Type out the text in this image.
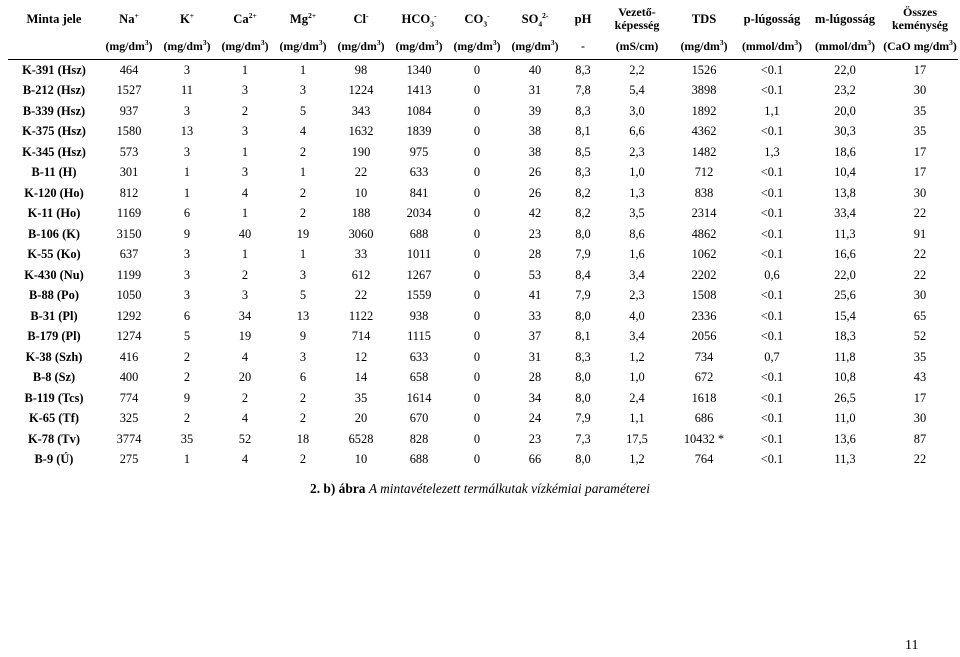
Minta jele	Na+	K+	$Ca^{2+}$	$Mg^{2+}$	Cl-	$HCO_3^-$	$CO_3^-$	$SO_4^{2-}$	pH	Vezető-
képesség	TDS	p-lúgosság	m-lúgosság	Összes
keménység
	$(mg/dm^3)$	$(mg/dm^3)$	$(mg/dm^3)$	$(mg/dm^3)$	$(mg/dm^3)$	$(mg/dm^3)$	$(mg/dm^3)$	$(mg/dm^3)$	-	(mS/cm)	$(mg/dm^3)$	$(mmol/dm^3)$	$(mmol/dm^3)$	(CaO $mg/dm^3$)
K-391 (Hsz)	464	3	1	1	98	1340	0	40	8,3	2,2	1526	<0.1	22,0	17
B-212 (Hsz)	1527	11	3	3	1224	1413	0	31	7,8	5,4	3898	<0.1	23,2	30
B-339 (Hsz)	937	3	2	5	343	1084	0	39	8,3	3,0	1892	1,1	20,0	35
K-375 (Hsz)	1580	13	3	4	1632	1839	0	38	8,1	6,6	4362	<0.1	30,3	35
K-345 (Hsz)	573	3	1	2	190	975	0	38	8,5	2,3	1482	1,3	18,6	17
B-11 (H)	301	1	3	1	22	633	0	26	8,3	1,0	712	<0.1	10,4	17
K-120 (Ho)	812	1	4	2	10	841	0	26	8,2	1,3	838	<0.1	13,8	30
K-11 (Ho)	1169	6	1	2	188	2034	0	42	8,2	3,5	2314	<0.1	33,4	22
B-106 (K)	3150	9	40	19	3060	688	0	23	8,0	8,6	4862	<0.1	11,3	91
K-55 (Ko)	637	3	1	1	33	1011	0	28	7,9	1,6	1062	<0.1	16,6	22
K-430 (Nu)	1199	3	2	3	612	1267	0	53	8,4	3,4	2202	0,6	22,0	22
B-88 (Po)	1050	3	3	5	22	1559	0	41	7,9	2,3	1508	<0.1	25,6	30
B-31 (Pl)	1292	6	34	13	1122	938	0	33	8,0	4,0	2336	<0.1	15,4	65
B-179 (Pl)	1274	5	19	9	714	1115	0	37	8,1	3,4	2056	<0.1	18,3	52
K-38 (Szh)	416	2	4	3	12	633	0	31	8,3	1,2	734	0,7	11,8	35
B-8 (Sz)	400	2	20	6	14	658	0	28	8,0	1,0	672	<0.1	10,8	43
B-119 (Tcs)	774	9	2	2	35	1614	0	34	8,0	2,4	1618	<0.1	26,5	17
K-65 (Tf)	325	2	4	2	20	670	0	24	7,9	1,1	686	<0.1	11,0	30
K-78 (Tv)	3774	35	52	18	6528	828	0	23	7,3	17,5	10432 *	<0.1	13,6	87
B-9 (Ú)	275	1	4	2	10	688	0	66	8,0	1,2	764	<0.1	11,3	22
2. b) ábra A mintavételezett termálkutak vízkémiai paraméterei
11
